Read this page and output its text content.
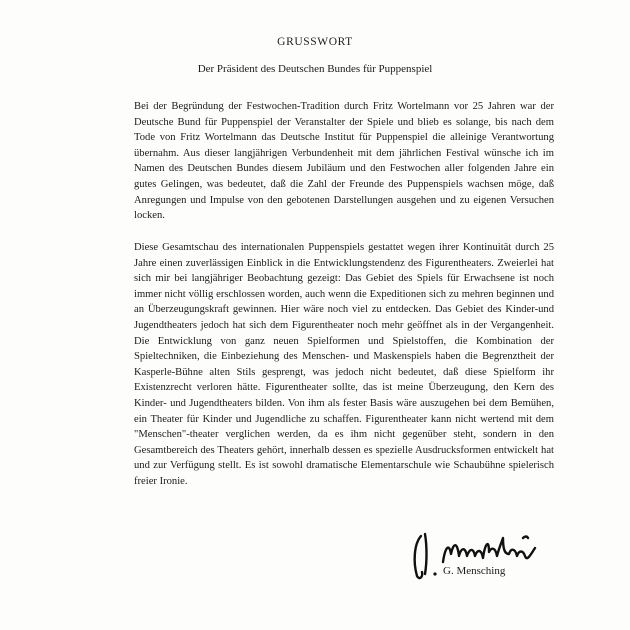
GRUSSWORT
Der Präsident des Deutschen Bundes für Puppenspiel

Bei der Begründung der Festwochen-Tradition durch Fritz Wortelmann vor 25 Jahren war der Deutsche Bund für Puppenspiel der Veranstalter der Spiele und blieb es solange, bis nach dem Tode von Fritz Wortelmann das Deutsche Institut für Puppenspiel die alleinige Verantwortung übernahm. Aus dieser langjährigen Verbundenheit mit dem jährlichen Festival wünsche ich im Namen des Deutschen Bundes diesem Jubiläum und den Festwochen aller folgenden Jahre ein gutes Gelingen, was bedeutet, daß die Zahl der Freunde des Puppenspiels wachsen möge, daß Anregungen und Impulse von den gebotenen Darstellungen ausgehen und zu eigenen Versuchen locken.

Diese Gesamtschau des internationalen Puppenspiels gestattet wegen ihrer Kontinuität durch 25 Jahre einen zuverlässigen Einblick in die Entwicklungstendenz des Figurentheaters. Zweierlei hat sich mir bei langjähriger Beobachtung gezeigt: Das Gebiet des Spiels für Erwachsene ist noch immer nicht völlig erschlossen worden, auch wenn die Expeditionen sich zu mehren beginnen und an Überzeugungskraft gewinnen. Hier wäre noch viel zu entdecken. Das Gebiet des Kinder-und Jugendtheaters jedoch hat sich dem Figurentheater noch mehr geöffnet als in der Vergangenheit. Die Entwicklung von ganz neuen Spielformen und Spielstoffen, die Kombination der Spieltechniken, die Einbeziehung des Menschen- und Maskenspiels haben die Begrenztheit der Kasperle-Bühne alten Stils gesprengt, was jedoch nicht bedeutet, daß diese Spielform ihr Existenzrecht verloren hätte. Figurentheater sollte, das ist meine Überzeugung, den Kern des Kinder- und Jugendtheaters bilden. Von ihm als fester Basis wäre auszugehen bei dem Bemühen, ein Theater für Kinder und Jugendliche zu schaffen. Figurentheater kann nicht wertend mit dem "Menschen"-theater verglichen werden, da es ihm nicht gegenüber steht, sondern in den Gesamtbereich des Theaters gehört, innerhalb dessen es spezielle Ausdrucksformen entwickelt hat und zur Verfügung stellt. Es ist sowohl dramatische Elementarschule wie Schaubühne spielerisch freier Ironie.

G. Mensching
